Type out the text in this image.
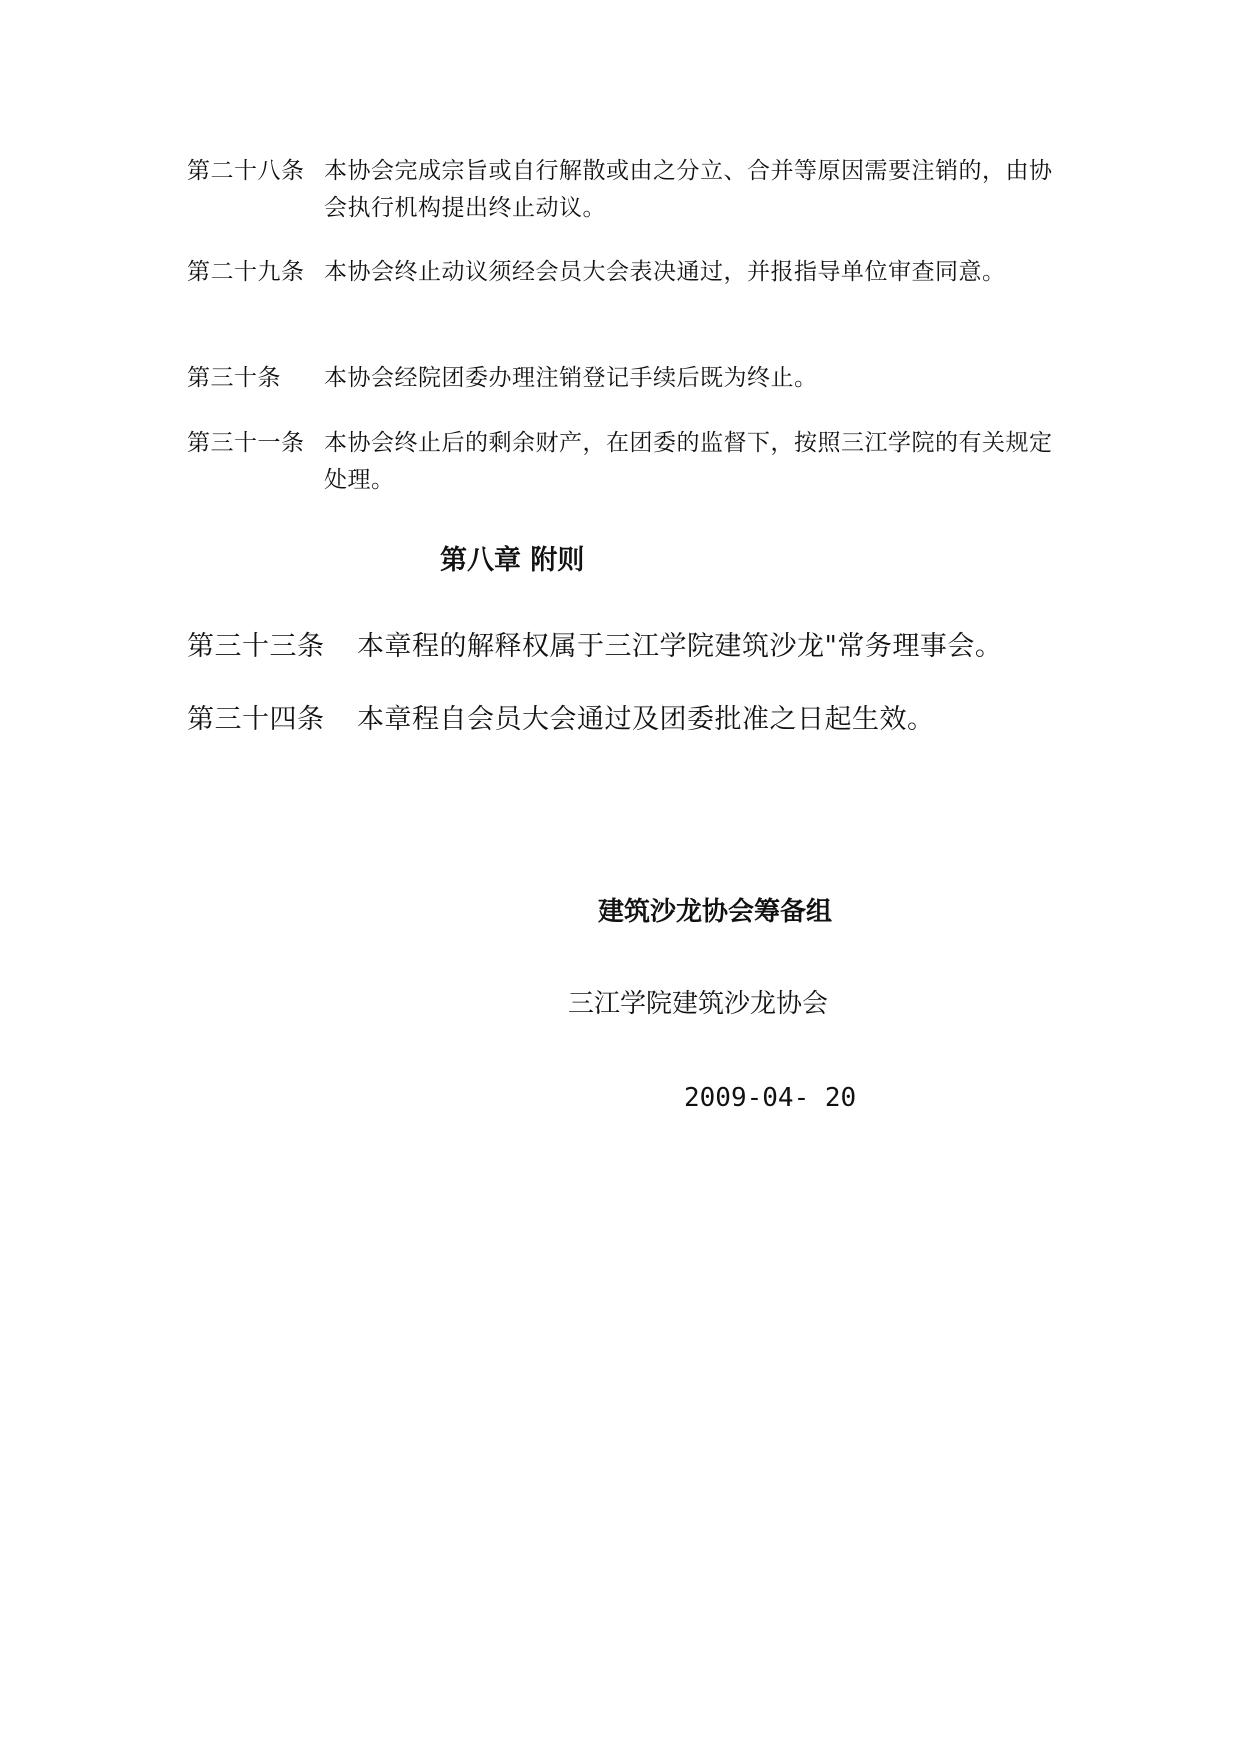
第二十八条 本协会完成宗旨或自行解散或由之分立、合并等原因需要注销的，由协会执行机构提出终止动议。
第二十九条 本协会终止动议须经会员大会表决通过，并报指导单位审查同意。
第三十条	本协会经院团委办理注销登记手续后既为终止。
第三十一条 本协会终止后的剩余财产，在团委的监督下，按照三江学院的有关规定处理。
第八章 附则
第三十三条	本章程的解释权属于三江学院建筑沙龙"常务理事会。
第三十四条	本章程自会员大会通过及团委批准之日起生效。
建筑沙龙协会筹备组
三江学院建筑沙龙协会
2009-04- 20
